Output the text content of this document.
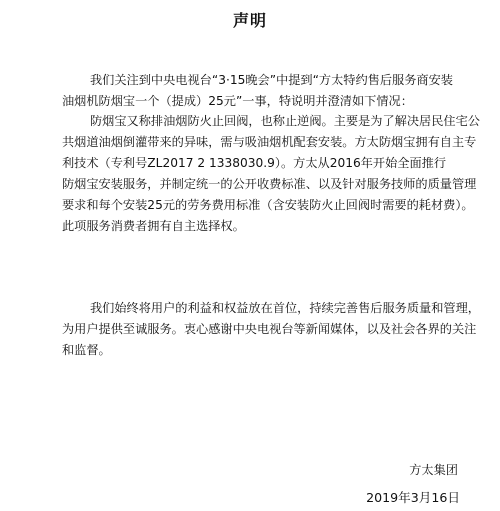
声明
我们关注到中央电视台“3·15晚会”中提到“方太特约售后服务商安装
油烟机防烟宝一个（提成）25元”一事，特说明并澄清如下情况：
防烟宝又称排油烟防火止回阀，也称止逆阀。主要是为了解决居民住宅公
共烟道油烟倒灌带来的异味，需与吸油烟机配套安装。方太防烟宝拥有自主专
利技术（专利号ZL2017 2 1338030.9）。方太从2016年开始全面推行
防烟宝安装服务，并制定统一的公开收费标准、以及针对服务技师的质量管理
要求和每个安装25元的劳务费用标准（含安装防火止回阀时需要的耗材费）。
此项服务消费者拥有自主选择权。
我们始终将用户的利益和权益放在首位，持续完善售后服务质量和管理，
为用户提供至诚服务。衷心感谢中央电视台等新闻媒体，以及社会各界的关注
和监督。
方太集团
2019年3月16日
